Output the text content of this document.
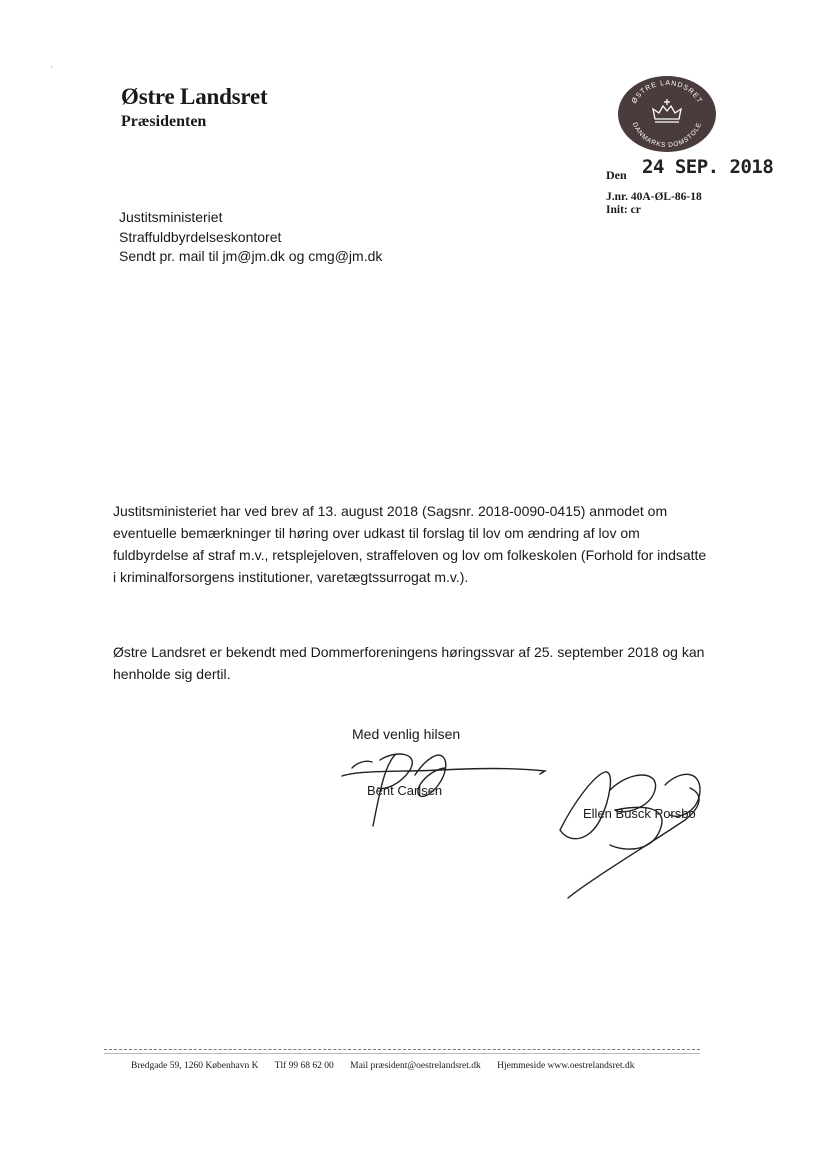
·
Østre Landsret
Præsidenten
ØSTRE LANDSRET
DANMARKS DOMSTOLE
Den 24 SEP. 2018
J.nr. 40A-ØL-86-18
Init: cr
Justitsministeriet
Straffuldbyrdelseskontoret
Sendt pr. mail til jm@jm.dk og cmg@jm.dk

Justitsministeriet har ved brev af 13. august 2018 (Sagsnr. 2018-0090-0415) anmodet om eventuelle bemærkninger til høring over udkast til forslag til lov om ændring af lov om fuldbyrdelse af straf m.v., retsplejeloven, straffeloven og lov om folkeskolen (Forhold for indsatte i kriminalforsorgens institutioner, varetægtssurrogat m.v.).

Østre Landsret er bekendt med Dommerforeningens høringssvar af 25. september 2018 og kan henholde sig dertil.

Med venlig hilsen
Bent Carlsen
Ellen Busck Porsbo
Bredgade 59, 1260 København K Tlf 99 68 62 00 Mail præsident@oestrelandsret.dk Hjemmeside www.oestrelandsret.dk
